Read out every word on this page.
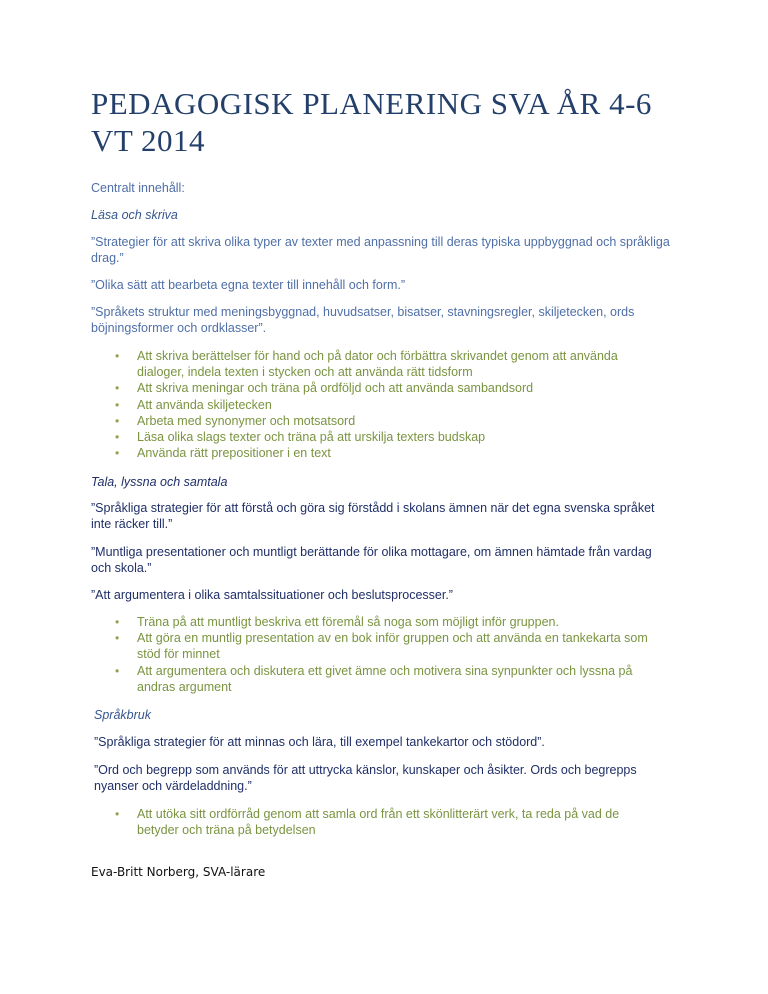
PEDAGOGISK PLANERING SVA ÅR 4-6
VT 2014

Centralt innehåll:

Läsa och skriva

”Strategier för att skriva olika typer av texter med anpassning till deras typiska uppbyggnad och språkliga drag.”

”Olika sätt att bearbeta egna texter till innehåll och form.”

”Språkets struktur med meningsbyggnad, huvudsatser, bisatser, stavningsregler, skiljetecken, ords böjningsformer och ordklasser”.

• Att skriva berättelser för hand och på dator och förbättra skrivandet genom att använda dialoger, indela texten i stycken och att använda rätt tidsform
• Att skriva meningar och träna på ordföljd och att använda sambandsord
• Att använda skiljetecken
• Arbeta med synonymer och motsatsord
• Läsa olika slags texter och träna på att urskilja texters budskap
• Använda rätt prepositioner i en text

Tala, lyssna och samtala

”Språkliga strategier för att förstå och göra sig förstådd i skolans ämnen när det egna svenska språket inte räcker till.”

”Muntliga presentationer och muntligt berättande för olika mottagare, om ämnen hämtade från vardag och skola.”

”Att argumentera i olika samtalssituationer och beslutsprocesser.”

• Träna på att muntligt beskriva ett föremål så noga som möjligt inför gruppen.
• Att göra en muntlig presentation av en bok inför gruppen och att använda en tankekarta som stöd för minnet
• Att argumentera och diskutera ett givet ämne och motivera sina synpunkter och lyssna på andras argument

Språkbruk

”Språkliga strategier för att minnas och lära, till exempel tankekartor och stödord”.

”Ord och begrepp som används för att uttrycka känslor, kunskaper och åsikter. Ords och begrepps nyanser och värdeladdning.”

• Att utöka sitt ordförråd genom att samla ord från ett skönlitterärt verk, ta reda på vad de betyder och träna på betydelsen

Eva-Britt Norberg, SVA-lärare
